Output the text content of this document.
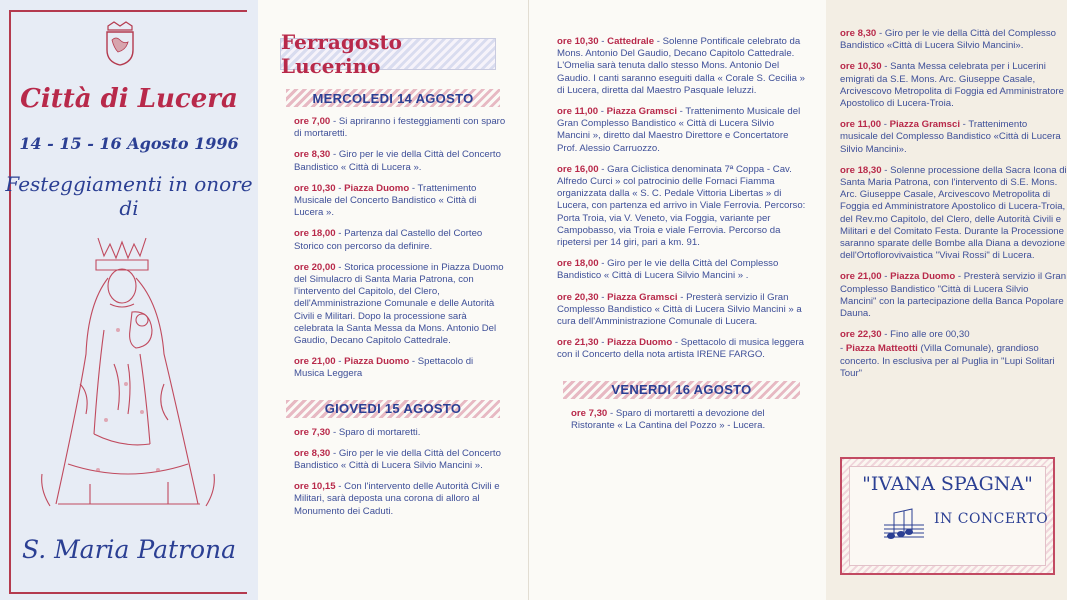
Città di Lucera
14 - 15 - 16 Agosto 1996
Festeggiamenti in onore di
S. Maria Patrona
Ferragosto Lucerino
MERCOLEDI 14 AGOSTO
ore 7,00 - Si apriranno i festeggiamenti con sparo di mortaretti.
ore 8,30 - Giro per le vie della Città del Concerto Bandistico « Città di Lucera ».
ore 10,30 - Piazza Duomo - Trattenimento Musicale del Concerto Bandistico « Città di Lucera ».
ore 18,00 - Partenza dal Castello del Corteo Storico con percorso da definire.
ore 20,00 - Storica processione in Piazza Duomo del Simulacro di Santa Maria Patrona, con l'intervento del Capitolo, del Clero, dell'Amministrazione Comunale e delle Autorità Civili e Militari. Dopo la processione sarà celebrata la Santa Messa da Mons. Antonio Del Gaudio, Decano Capitolo Cattedrale.
ore 21,00 - Piazza Duomo - Spettacolo di Musica Leggera
GIOVEDI 15 AGOSTO
ore 7,30 - Sparo di mortaretti.
ore 8,30 - Giro per le vie della Città del Concerto Bandistico « Città di Lucera Silvio Mancini ».
ore 10,15 - Con l'intervento delle Autorità Civili e Militari, sarà deposta una corona di alloro al Monumento dei Caduti.
ore 10,30 - Cattedrale - Solenne Pontificale celebrato da Mons. Antonio Del Gaudio, Decano Capitolo Cattedrale. L'Omelia sarà tenuta dallo stesso Mons. Antonio Del Gaudio. I canti saranno eseguiti dalla « Corale S. Cecilia » di Lucera, diretta dal Maestro Pasquale Ieluzzi.
ore 11,00 - Piazza Gramsci - Trattenimento Musicale del Gran Complesso Bandistico « Città di Lucera Silvio Mancini », diretto dal Maestro Direttore e Concertatore Prof. Alessio Carruozzo.
ore 16,00 - Gara Ciclistica denominata 7ª Coppa - Cav. Alfredo Curci » col patrocinio delle Fornaci Fiamma organizzata dalla « S. C. Pedale Vittoria Libertas » di Lucera, con partenza ed arrivo in Viale Ferrovia. Percorso: Porta Troia, via V. Veneto, via Foggia, variante per Campobasso, via Troia e viale Ferrovia. Percorso da ripetersi per 14 giri, pari a km. 91.
ore 18,00 - Giro per le vie della Città del Complesso Bandistico « Città di Lucera Silvio Mancini » .
ore 20,30 - Piazza Gramsci - Presterà servizio il Gran Complesso Bandistico « Città di Lucera Silvio Mancini » a cura dell'Amministrazione Comunale di Lucera.
ore 21,30 - Piazza Duomo - Spettacolo di musica leggera con il Concerto della nota artista IRENE FARGO.
VENERDI 16 AGOSTO
ore 7,30 - Sparo di mortaretti a devozione del Ristorante « La Cantina del Pozzo » - Lucera.
ore 8,30 - Giro per le vie della Città del Complesso Bandistico «Città di Lucera Silvio Mancini».
ore 10,30 - Santa Messa celebrata per i Lucerini emigrati da S.E. Mons. Arc. Giuseppe Casale, Arcivescovo Metropolita di Foggia ed Amministratore Apostolico di Lucera-Troia.
ore 11,00 - Piazza Gramsci - Trattenimento musicale del Complesso Bandistico «Città di Lucera Silvio Mancini».
ore 18,30 - Solenne processione della Sacra Icona di Santa Maria Patrona, con l'intervento di S.E. Mons. Arc. Giuseppe Casale, Arcivescovo Metropolita di Foggia ed Amministratore Apostolico di Lucera-Troia, del Rev.mo Capitolo, del Clero, delle Autorità Civili e Militari e del Comitato Festa. Durante la Processione saranno sparate delle Bombe alla Diana a devozione dell'Ortoflorovivaistica "Vivai Rossi" di Lucera.
ore 21,00 - Piazza Duomo - Presterà servizio il Gran Complesso Bandistico "Città di Lucera Silvio Mancini" con la partecipazione della Banca Popolare Dauna.
ore 22,30 - Fino alle ore 00,30
- Piazza Matteotti (Villa Comunale), grandioso concerto. In esclusiva per al Puglia in "Lupi Solitari Tour"
"IVANA SPAGNA"
IN CONCERTO
